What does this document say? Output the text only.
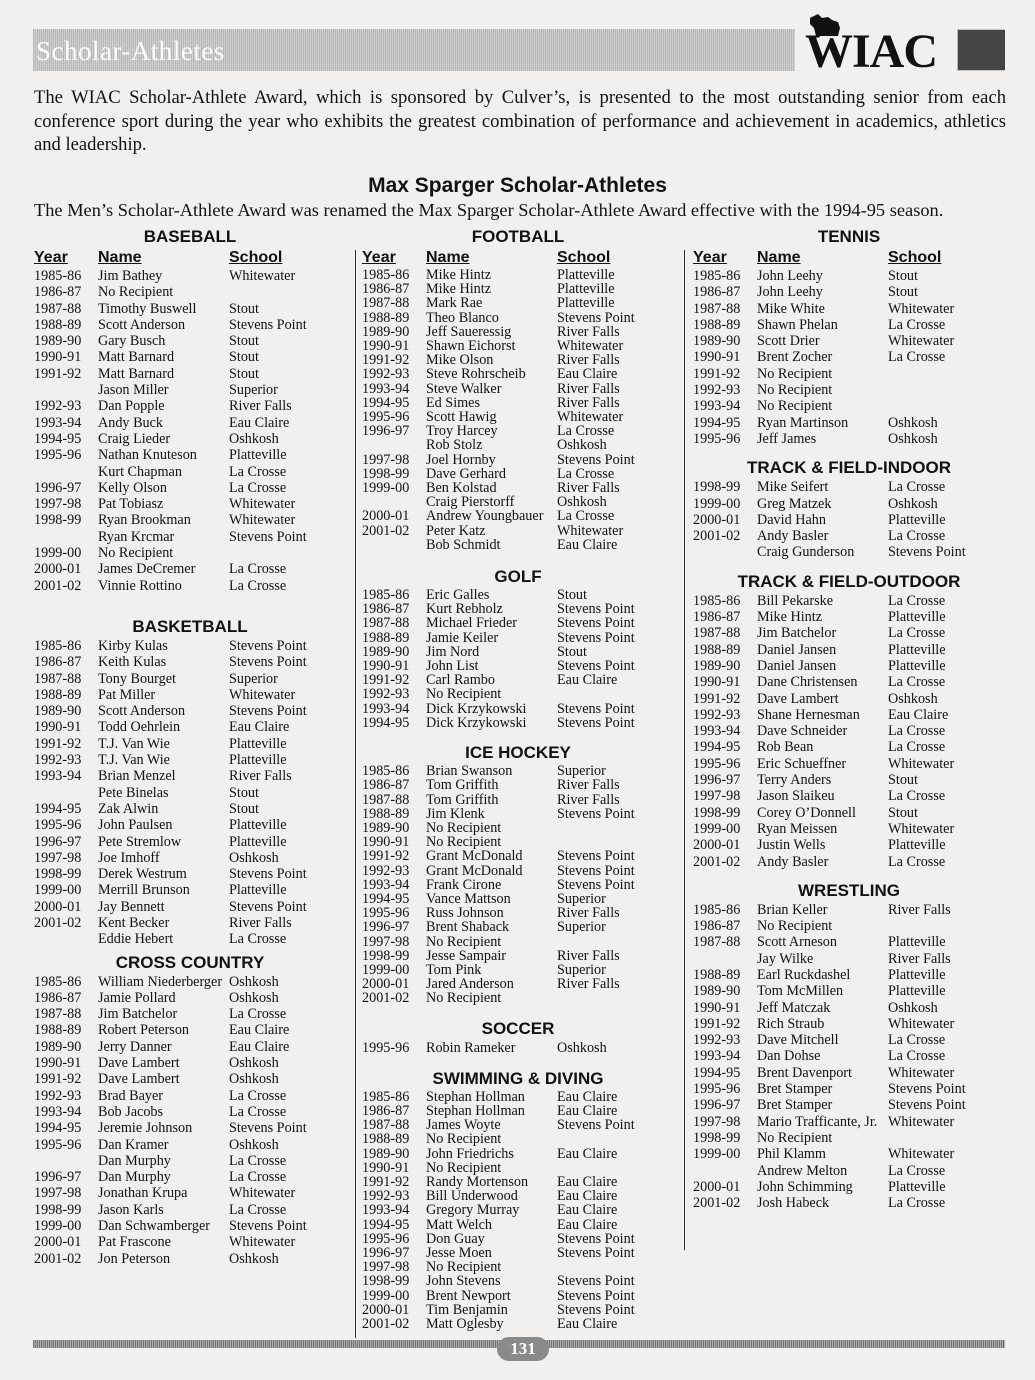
Scholar-Athletes	WIAC
The WIAC Scholar-Athlete Award, which is sponsored by Culver’s, is presented to the most outstanding senior from each conference sport during the year who exhibits the greatest combination of performance and achievement in academics, athletics and leadership.
Max Sparger Scholar-Athletes
The Men’s Scholar-Athlete Award was renamed the Max Sparger Scholar-Athlete Award effective with the 1994-95 season.
BASEBALL
Year	Name	School
1985-86	Jim Bathey	Whitewater
1986-87	No Recipient
1987-88	Timothy Buswell	Stout
1988-89	Scott Anderson	Stevens Point
1989-90	Gary Busch	Stout
1990-91	Matt Barnard	Stout
1991-92	Matt Barnard	Stout
Jason Miller	Superior
1992-93	Dan Popple	River Falls
1993-94	Andy Buck	Eau Claire
1994-95	Craig Lieder	Oshkosh
1995-96	Nathan Knuteson	Platteville
Kurt Chapman	La Crosse
1996-97	Kelly Olson	La Crosse
1997-98	Pat Tobiasz	Whitewater
1998-99	Ryan Brookman	Whitewater
Ryan Krcmar	Stevens Point
1999-00	No Recipient
2000-01	James DeCremer	La Crosse
2001-02	Vinnie Rottino	La Crosse
BASKETBALL
1985-86	Kirby Kulas	Stevens Point
1986-87	Keith Kulas	Stevens Point
1987-88	Tony Bourget	Superior
1988-89	Pat Miller	Whitewater
1989-90	Scott Anderson	Stevens Point
1990-91	Todd Oehrlein	Eau Claire
1991-92	T.J. Van Wie	Platteville
1992-93	T.J. Van Wie	Platteville
1993-94	Brian Menzel	River Falls
Pete Binelas	Stout
1994-95	Zak Alwin	Stout
1995-96	John Paulsen	Platteville
1996-97	Pete Stremlow	Platteville
1997-98	Joe Imhoff	Oshkosh
1998-99	Derek Westrum	Stevens Point
1999-00	Merrill Brunson	Platteville
2000-01	Jay Bennett	Stevens Point
2001-02	Kent Becker	River Falls
Eddie Hebert	La Crosse
CROSS COUNTRY
1985-86	William Niederberger Oshkosh
1986-87	Jamie Pollard	Oshkosh
1987-88	Jim Batchelor	La Crosse
1988-89	Robert Peterson	Eau Claire
1989-90	Jerry Danner	Eau Claire
1990-91	Dave Lambert	Oshkosh
1991-92	Dave Lambert	Oshkosh
1992-93	Brad Bayer	La Crosse
1993-94	Bob Jacobs	La Crosse
1994-95	Jeremie Johnson	Stevens Point
1995-96	Dan Kramer	Oshkosh
Dan Murphy	La Crosse
1996-97	Dan Murphy	La Crosse
1997-98	Jonathan Krupa	Whitewater
1998-99	Jason Karls	La Crosse
1999-00	Dan Schwamberger	Stevens Point
2000-01	Pat Frascone	Whitewater
2001-02	Jon Peterson	Oshkosh
FOOTBALL
Year	Name	School
1985-86	Mike Hintz	Platteville
1986-87	Mike Hintz	Platteville
1987-88	Mark Rae	Platteville
1988-89	Theo Blanco	Stevens Point
1989-90	Jeff Saueressig	River Falls
1990-91	Shawn Eichorst	Whitewater
1991-92	Mike Olson	River Falls
1992-93	Steve Rohrscheib	Eau Claire
1993-94	Steve Walker	River Falls
1994-95	Ed Simes	River Falls
1995-96	Scott Hawig	Whitewater
1996-97	Troy Harcey	La Crosse
Rob Stolz	Oshkosh
1997-98	Joel Hornby	Stevens Point
1998-99	Dave Gerhard	La Crosse
1999-00	Ben Kolstad	River Falls
Craig Pierstorff	Oshkosh
2000-01	Andrew Youngbauer La Crosse
2001-02	Peter Katz	Whitewater
Bob Schmidt	Eau Claire
GOLF
1985-86	Eric Galles	Stout
1986-87	Kurt Rebholz	Stevens Point
1987-88	Michael Frieder	Stevens Point
1988-89	Jamie Keiler	Stevens Point
1989-90	Jim Nord	Stout
1990-91	John List	Stevens Point
1991-92	Carl Rambo	Eau Claire
1992-93	No Recipient
1993-94	Dick Krzykowski	Stevens Point
1994-95	Dick Krzykowski	Stevens Point
ICE HOCKEY
1985-86	Brian Swanson	Superior
1986-87	Tom Griffith	River Falls
1987-88	Tom Griffith	River Falls
1988-89	Jim Klenk	Stevens Point
1989-90	No Recipient
1990-91	No Recipient
1991-92	Grant McDonald	Stevens Point
1992-93	Grant McDonald	Stevens Point
1993-94	Frank Cirone	Stevens Point
1994-95	Vance Mattson	Superior
1995-96	Russ Johnson	River Falls
1996-97	Brent Shaback	Superior
1997-98	No Recipient
1998-99	Jesse Sampair	River Falls
1999-00	Tom Pink	Superior
2000-01	Jared Anderson	River Falls
2001-02	No Recipient
SOCCER
1995-96	Robin Rameker	Oshkosh
SWIMMING & DIVING
1985-86	Stephan Hollman	Eau Claire
1986-87	Stephan Hollman	Eau Claire
1987-88	James Woyte	Stevens Point
1988-89	No Recipient
1989-90	John Friedrichs	Eau Claire
1990-91	No Recipient
1991-92	Randy Mortenson	Eau Claire
1992-93	Bill Underwood	Eau Claire
1993-94	Gregory Murray	Eau Claire
1994-95	Matt Welch	Eau Claire
1995-96	Don Guay	Stevens Point
1996-97	Jesse Moen	Stevens Point
1997-98	No Recipient
1998-99	John Stevens	Stevens Point
1999-00	Brent Newport	Stevens Point
2000-01	Tim Benjamin	Stevens Point
2001-02	Matt Oglesby	Eau Claire
TENNIS
Year	Name	School
1985-86	John Leehy	Stout
1986-87	John Leehy	Stout
1987-88	Mike White	Whitewater
1988-89	Shawn Phelan	La Crosse
1989-90	Scott Drier	Whitewater
1990-91	Brent Zocher	La Crosse
1991-92	No Recipient
1992-93	No Recipient
1993-94	No Recipient
1994-95	Ryan Martinson	Oshkosh
1995-96	Jeff James	Oshkosh
TRACK & FIELD-INDOOR
1998-99	Mike Seifert	La Crosse
1999-00	Greg Matzek	Oshkosh
2000-01	David Hahn	Platteville
2001-02	Andy Basler	La Crosse
Craig Gunderson	Stevens Point
TRACK & FIELD-OUTDOOR
1985-86	Bill Pekarske	La Crosse
1986-87	Mike Hintz	Platteville
1987-88	Jim Batchelor	La Crosse
1988-89	Daniel Jansen	Platteville
1989-90	Daniel Jansen	Platteville
1990-91	Dane Christensen	La Crosse
1991-92	Dave Lambert	Oshkosh
1992-93	Shane Hernesman	Eau Claire
1993-94	Dave Schneider	La Crosse
1994-95	Rob Bean	La Crosse
1995-96	Eric Schueffner	Whitewater
1996-97	Terry Anders	Stout
1997-98	Jason Slaikeu	La Crosse
1998-99	Corey O’Donnell	Stout
1999-00	Ryan Meissen	Whitewater
2000-01	Justin Wells	Platteville
2001-02	Andy Basler	La Crosse
WRESTLING
1985-86	Brian Keller	River Falls
1986-87	No Recipient
1987-88	Scott Arneson	Platteville
Jay Wilke	River Falls
1988-89	Earl Ruckdashel	Platteville
1989-90	Tom McMillen	Platteville
1990-91	Jeff Matczak	Oshkosh
1991-92	Rich Straub	Whitewater
1992-93	Dave Mitchell	La Crosse
1993-94	Dan Dohse	La Crosse
1994-95	Brent Davenport	Whitewater
1995-96	Bret Stamper	Stevens Point
1996-97	Bret Stamper	Stevens Point
1997-98	Mario Trafficante, Jr. Whitewater
1998-99	No Recipient
1999-00	Phil Klamm	Whitewater
Andrew Melton	La Crosse
2000-01	John Schimming	Platteville
2001-02	Josh Habeck	La Crosse
131
